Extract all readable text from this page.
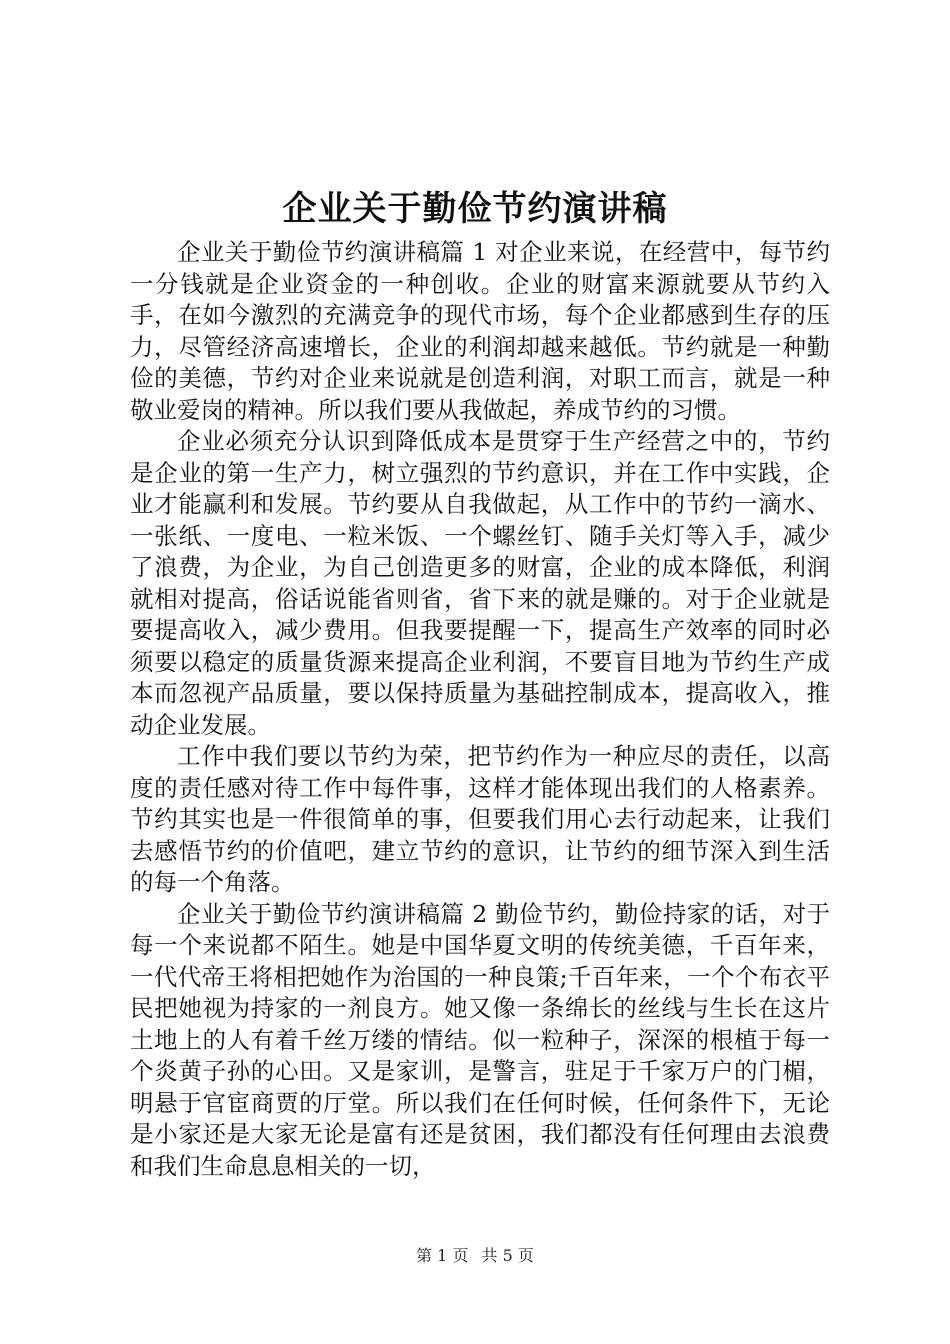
企业关于勤俭节约演讲稿

企业关于勤俭节约演讲稿篇 1 对企业来说，在经营中，每节约一分钱就是企业资金的一种创收。企业的财富来源就要从节约入手，在如今激烈的充满竞争的现代市场，每个企业都感到生存的压力，尽管经济高速增长，企业的利润却越来越低。节约就是一种勤俭的美德，节约对企业来说就是创造利润，对职工而言，就是一种敬业爱岗的精神。所以我们要从我做起，养成节约的习惯。

企业必须充分认识到降低成本是贯穿于生产经营之中的，节约是企业的第一生产力，树立强烈的节约意识，并在工作中实践，企业才能赢利和发展。节约要从自我做起，从工作中的节约一滴水、一张纸、一度电、一粒米饭、一个螺丝钉、随手关灯等入手，减少了浪费，为企业，为自己创造更多的财富，企业的成本降低，利润就相对提高，俗话说能省则省，省下来的就是赚的。对于企业就是要提高收入，减少费用。但我要提醒一下，提高生产效率的同时必须要以稳定的质量货源来提高企业利润，不要盲目地为节约生产成本而忽视产品质量，要以保持质量为基础控制成本，提高收入，推动企业发展。

工作中我们要以节约为荣，把节约作为一种应尽的责任，以高度的责任感对待工作中每件事，这样才能体现出我们的人格素养。节约其实也是一件很简单的事，但要我们用心去行动起来，让我们去感悟节约的价值吧，建立节约的意识，让节约的细节深入到生活的每一个角落。

企业关于勤俭节约演讲稿篇 2 勤俭节约，勤俭持家的话，对于每一个来说都不陌生。她是中国华夏文明的传统美德，千百年来，一代代帝王将相把她作为治国的一种良策;千百年来，一个个布衣平民把她视为持家的一剂良方。她又像一条绵长的丝线与生长在这片土地上的人有着千丝万缕的情结。似一粒种子，深深的根植于每一个炎黄子孙的心田。又是家训，是警言，驻足于千家万户的门楣，明悬于官宦商贾的厅堂。所以我们在任何时候，任何条件下，无论是小家还是大家无论是富有还是贫困，我们都没有任何理由去浪费和我们生命息息相关的一切，

第 1 页 共 5 页
